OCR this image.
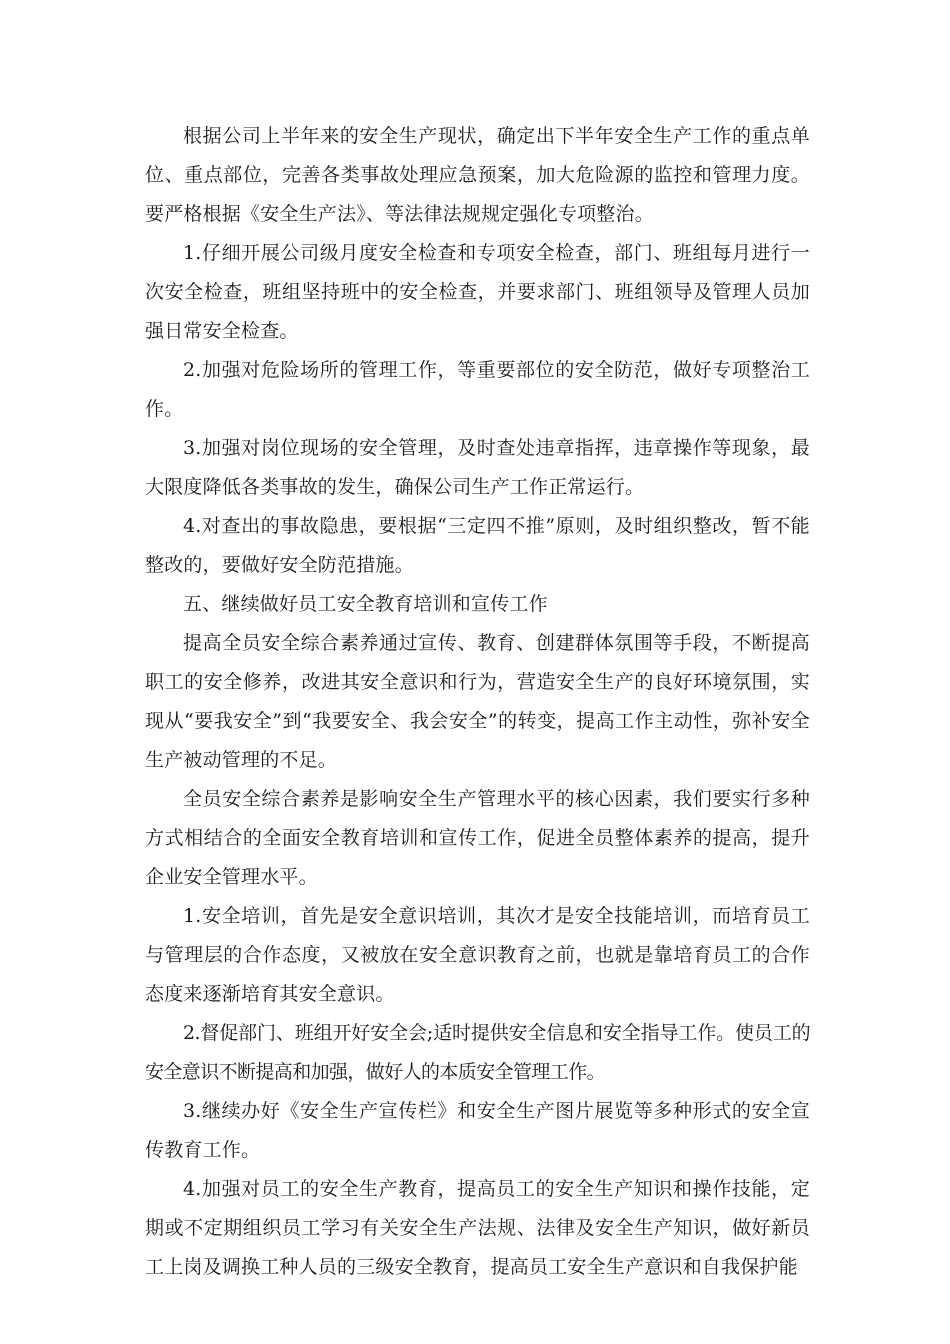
根据公司上半年来的安全生产现状，确定出下半年安全生产工作的重点单位、重点部位，完善各类事故处理应急预案，加大危险源的监控和管理力度。要严格根据《安全生产法》、等法律法规规定强化专项整治。

1.仔细开展公司级月度安全检查和专项安全检查，部门、班组每月进行一次安全检查，班组坚持班中的安全检查，并要求部门、班组领导及管理人员加强日常安全检查。

2.加强对危险场所的管理工作，等重要部位的安全防范，做好专项整治工作。

3.加强对岗位现场的安全管理，及时查处违章指挥，违章操作等现象，最大限度降低各类事故的发生，确保公司生产工作正常运行。

4.对查出的事故隐患，要根据“三定四不推”原则，及时组织整改，暂不能整改的，要做好安全防范措施。

五、继续做好员工安全教育培训和宣传工作

提高全员安全综合素养通过宣传、教育、创建群体氛围等手段，不断提高职工的安全修养，改进其安全意识和行为，营造安全生产的良好环境氛围，实现从“要我安全”到“我要安全、我会安全”的转变，提高工作主动性，弥补安全生产被动管理的不足。

全员安全综合素养是影响安全生产管理水平的核心因素，我们要实行多种方式相结合的全面安全教育培训和宣传工作，促进全员整体素养的提高，提升企业安全管理水平。

1.安全培训，首先是安全意识培训，其次才是安全技能培训，而培育员工与管理层的合作态度，又被放在安全意识教育之前，也就是靠培育员工的合作态度来逐渐培育其安全意识。

2.督促部门、班组开好安全会;适时提供安全信息和安全指导工作。使员工的安全意识不断提高和加强，做好人的本质安全管理工作。

3.继续办好《安全生产宣传栏》和安全生产图片展览等多种形式的安全宣传教育工作。

4.加强对员工的安全生产教育，提高员工的安全生产知识和操作技能，定期或不定期组织员工学习有关安全生产法规、法律及安全生产知识，做好新员工上岗及调换工种人员的三级安全教育，提高员工安全生产意识和自我保护能
